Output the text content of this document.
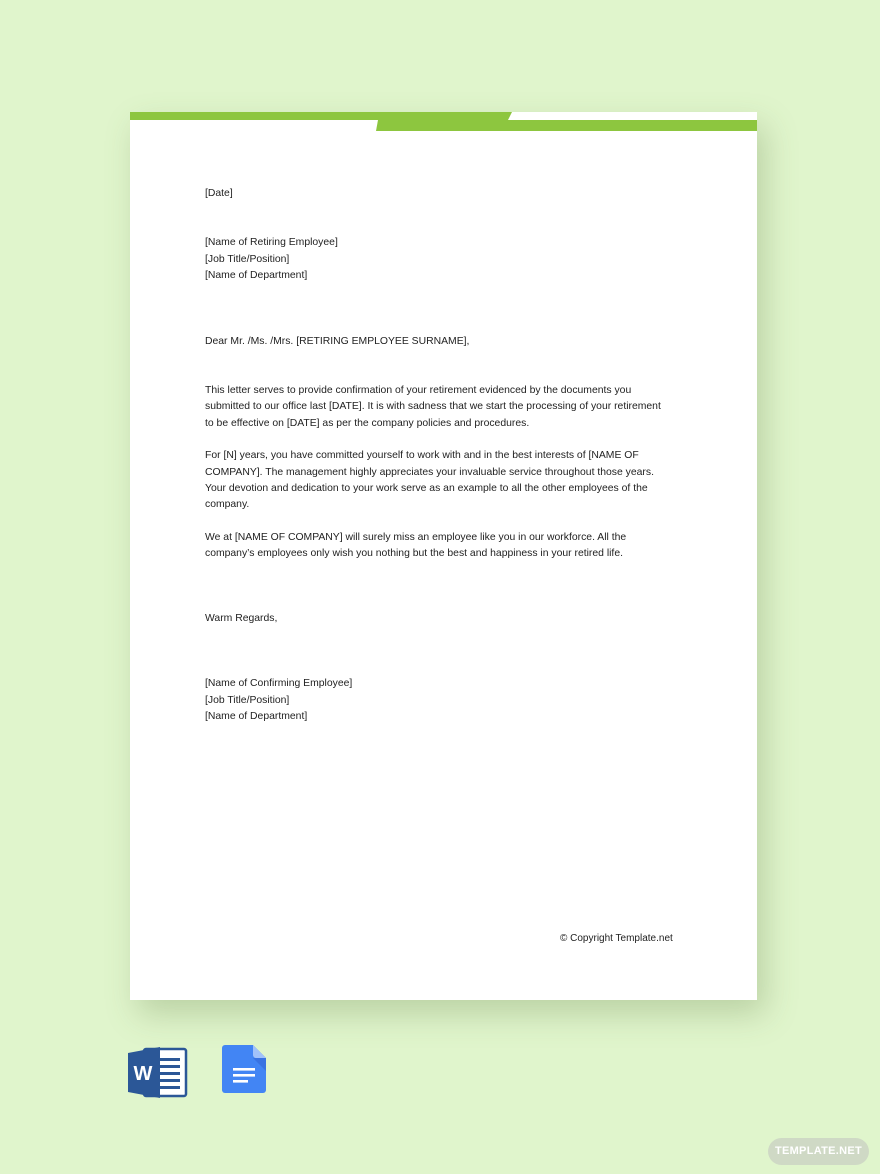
[Date]
[Name of Retiring Employee]
[Job Title/Position]
[Name of Department]
Dear Mr. /Ms. /Mrs. [RETIRING EMPLOYEE SURNAME],
This letter serves to provide confirmation of your retirement evidenced by the documents you
submitted to our office last [DATE]. It is with sadness that we start the processing of your retirement
to be effective on [DATE] as per the company policies and procedures.
For [N] years, you have committed yourself to work with and in the best interests of [NAME OF
COMPANY]. The management highly appreciates your invaluable service throughout those years.
Your devotion and dedication to your work serve as an example to all the other employees of the
company.
We at [NAME OF COMPANY] will surely miss an employee like you in our workforce. All the
company’s employees only wish you nothing but the best and happiness in your retired life.
Warm Regards,
[Name of Confirming Employee]
[Job Title/Position]
[Name of Department]
© Copyright Template.net
W
TEMPLATE.NET
